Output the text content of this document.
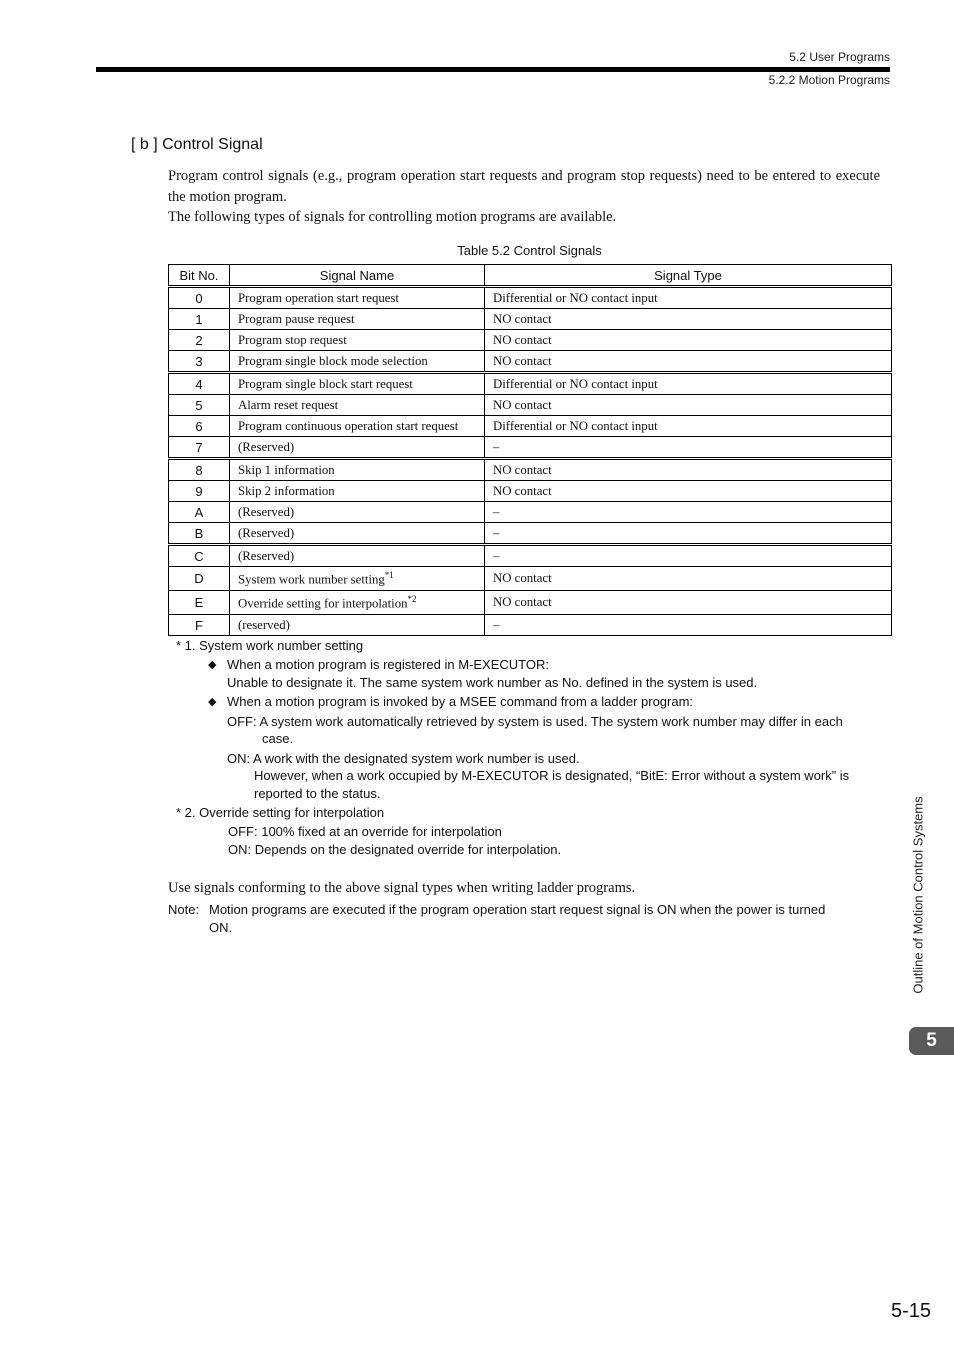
5.2 User Programs
5.2.2 Motion Programs
[ b ] Control Signal
Program control signals (e.g., program operation start requests and program stop requests) need to be entered to execute the motion program.
The following types of signals for controlling motion programs are available.
Table 5.2 Control Signals
Bit No.	Signal Name	Signal Type
0	Program operation start request	Differential or NO contact input
1	Program pause request	NO contact
2	Program stop request	NO contact
3	Program single block mode selection	NO contact
4	Program single block start request	Differential or NO contact input
5	Alarm reset request	NO contact
6	Program continuous operation start request	Differential or NO contact input
7	(Reserved)	–
8	Skip 1 information	NO contact
9	Skip 2 information	NO contact
A	(Reserved)	–
B	(Reserved)	–
C	(Reserved)	–
D	System work number setting$^{*1}$	NO contact
E	Override setting for interpolation$^{*2}$	NO contact
F	(reserved)	–
* 1. System work number setting
◆ When a motion program is registered in M-EXECUTOR:
Unable to designate it. The same system work number as No. defined in the system is used.
◆ When a motion program is invoked by a MSEE command from a ladder program:
OFF: A system work automatically retrieved by system is used. The system work number may differ in each
case.
ON: A work with the designated system work number is used.
However, when a work occupied by M-EXECUTOR is designated, “BitE: Error without a system work” is reported to the status.
* 2. Override setting for interpolation
OFF: 100% fixed at an override for interpolation
ON: Depends on the designated override for interpolation.
Use signals conforming to the above signal types when writing ladder programs.
Note: Motion programs are executed if the program operation start request signal is ON when the power is turned ON.	Outline of Motion Control Systems
5
5-15
